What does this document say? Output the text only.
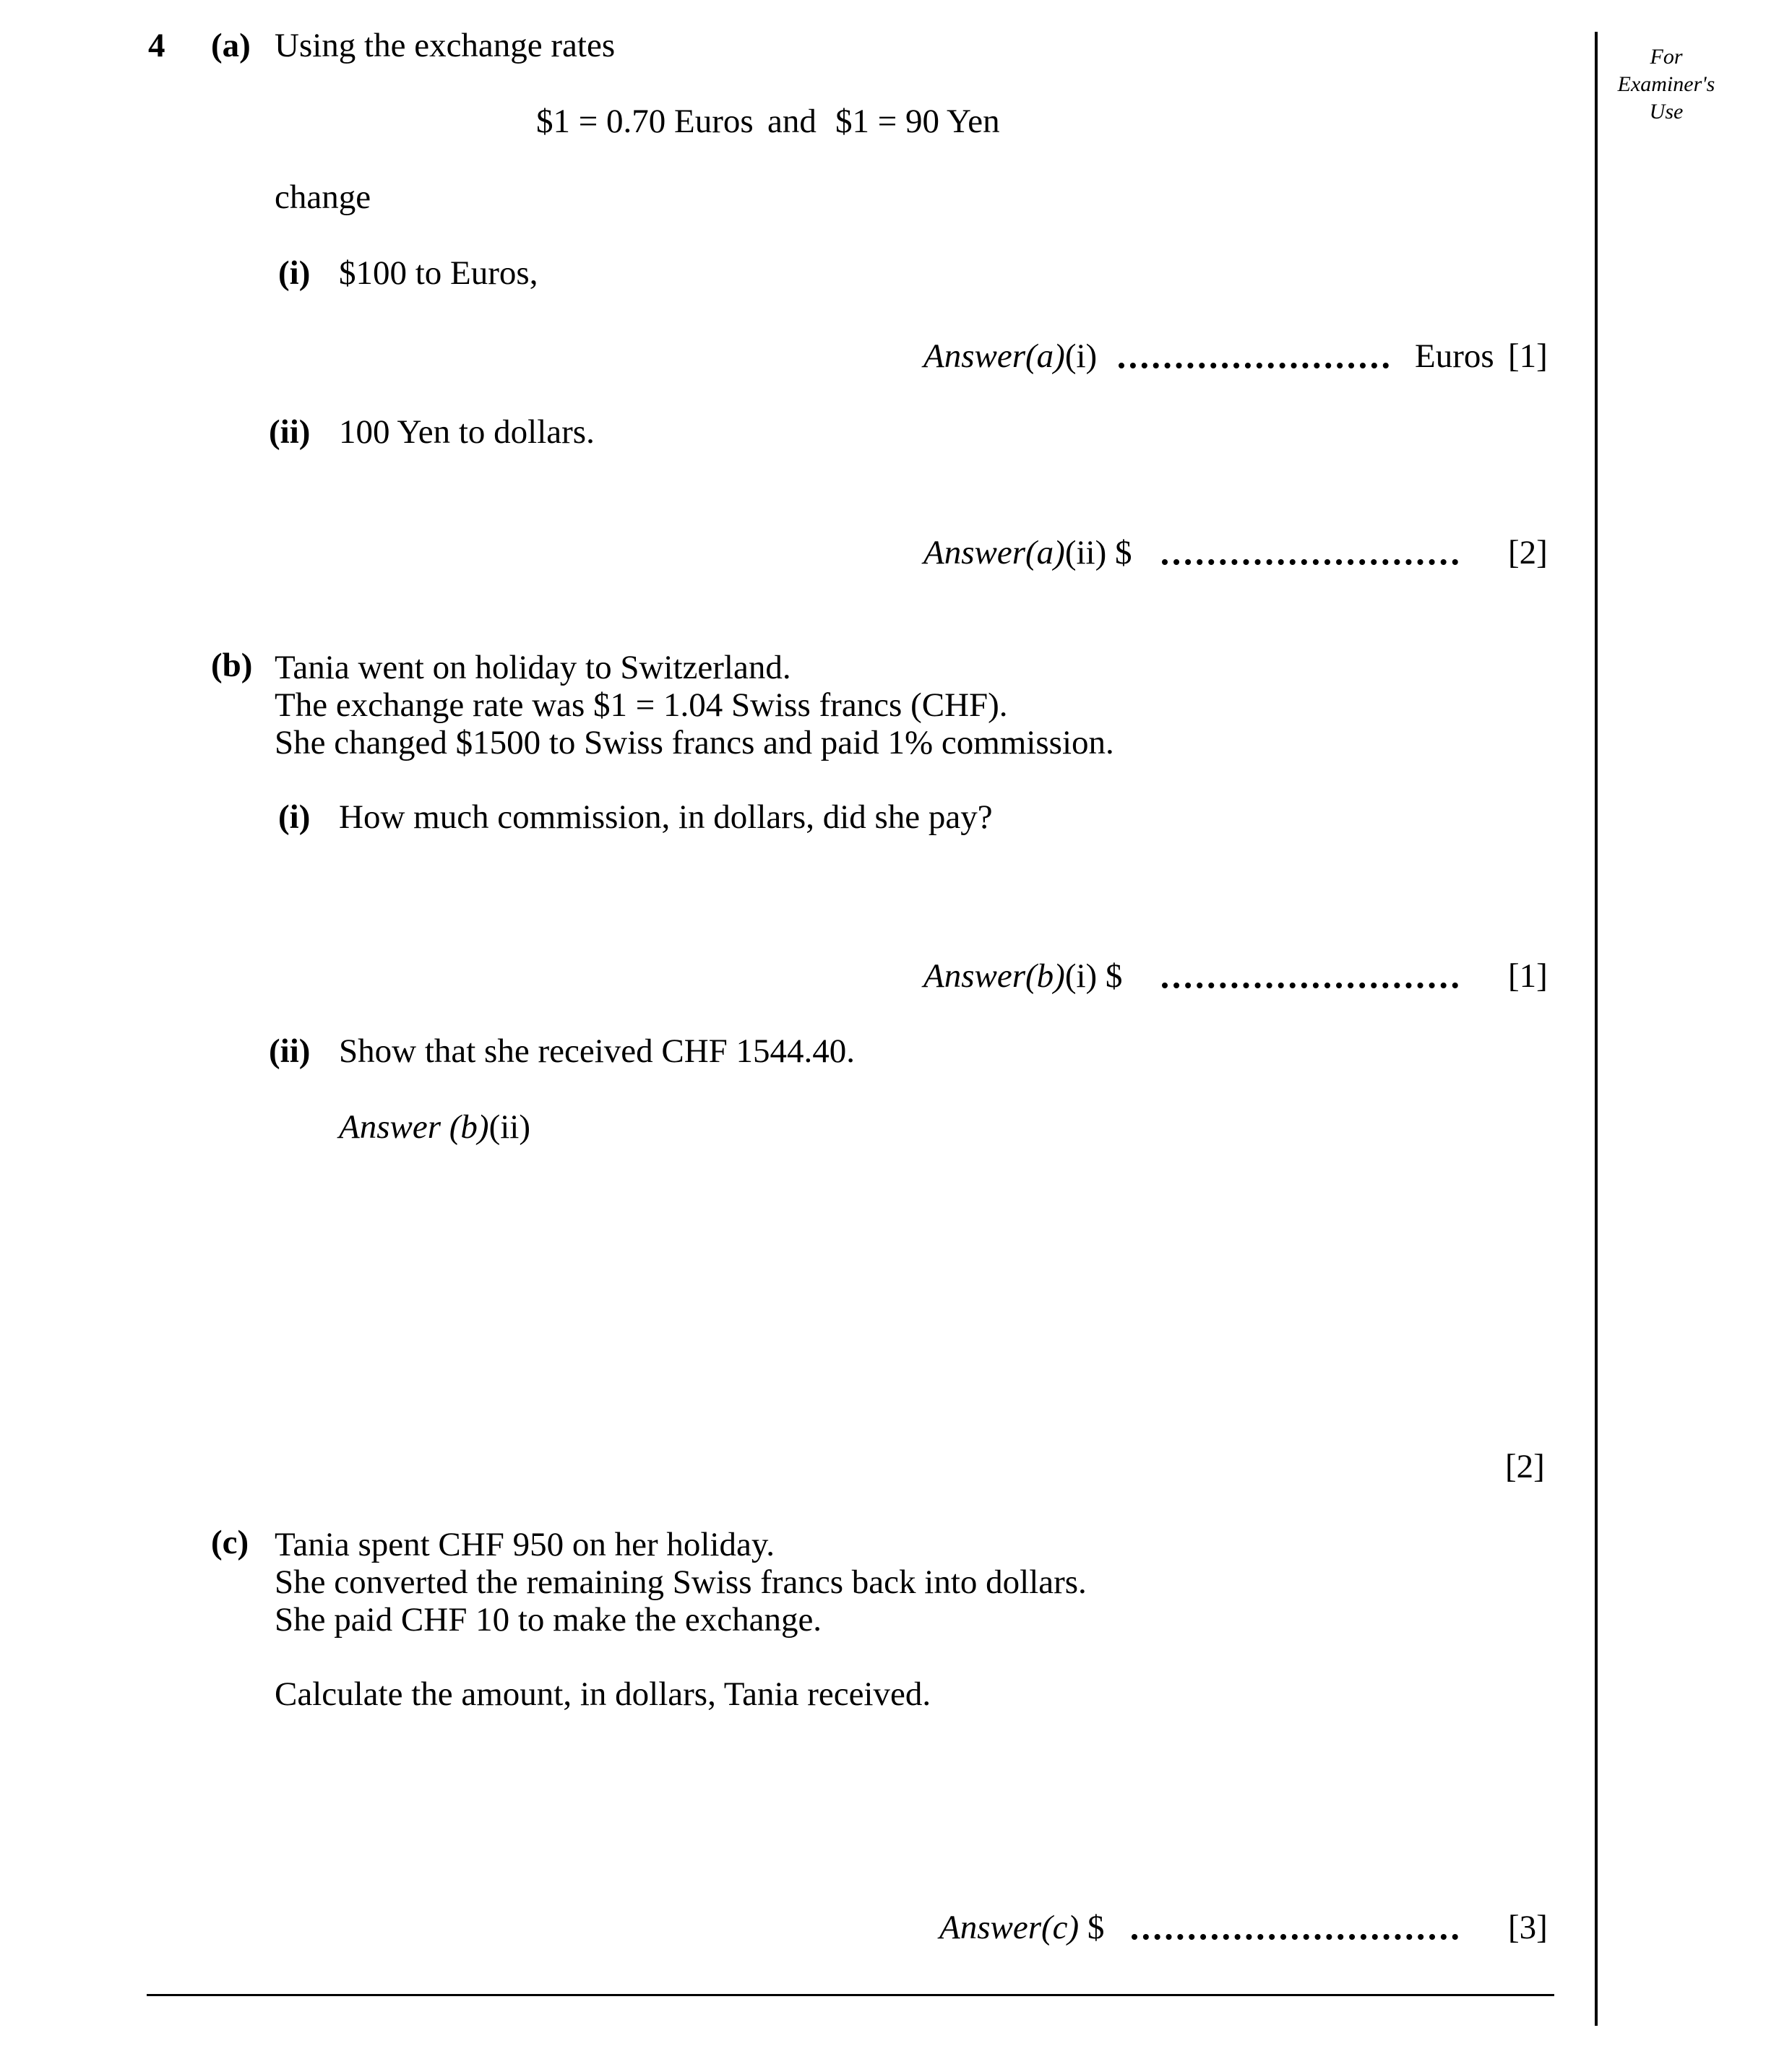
For
Examiner's
Use
4 (a) Using the exchange rates
$1 = 0.70 Euros and $1 = 90 Yen
change
(i) $100 to Euros,
Answer(a)(i)	Euros [1]
(ii) 100 Yen to dollars.
Answer(a)(ii) $	[2]
(b) Tania went on holiday to Switzerland.
The exchange rate was $1 = 1.04 Swiss francs (CHF).
She changed $1500 to Swiss francs and paid 1% commission.
(i) How much commission, in dollars, did she pay?
Answer(b)(i) $	[1]
(ii) Show that she received CHF 1544.40.
Answer (b)(ii)
[2]
(c) Tania spent CHF 950 on her holiday.
She converted the remaining Swiss francs back into dollars.
She paid CHF 10 to make the exchange.
Calculate the amount, in dollars, Tania received.
Answer(c) $	[3]
